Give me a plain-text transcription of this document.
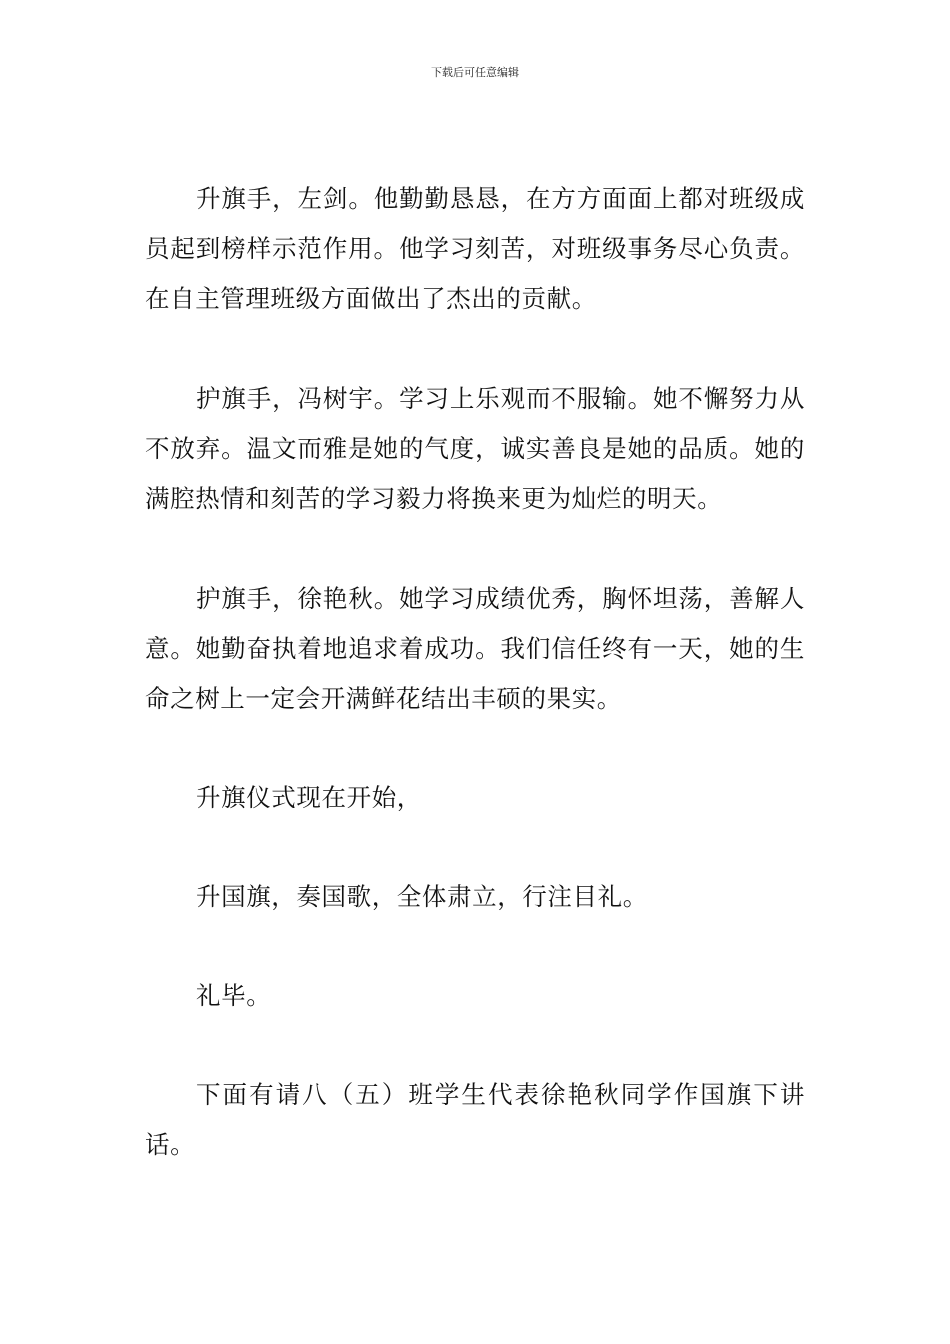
下载后可任意编辑

升旗手，左剑。他勤勤恳恳，在方方面面上都对班级成员起到榜样示范作用。他学习刻苦，对班级事务尽心负责。在自主管理班级方面做出了杰出的贡献。

护旗手，冯树宇。学习上乐观而不服输。她不懈努力从不放弃。温文而雅是她的气度，诚实善良是她的品质。她的满腔热情和刻苦的学习毅力将换来更为灿烂的明天。

护旗手，徐艳秋。她学习成绩优秀，胸怀坦荡，善解人意。她勤奋执着地追求着成功。我们信任终有一天，她的生命之树上一定会开满鲜花结出丰硕的果实。

升旗仪式现在开始，

升国旗，奏国歌，全体肃立，行注目礼。

礼毕。

下面有请八（五）班学生代表徐艳秋同学作国旗下讲话。
